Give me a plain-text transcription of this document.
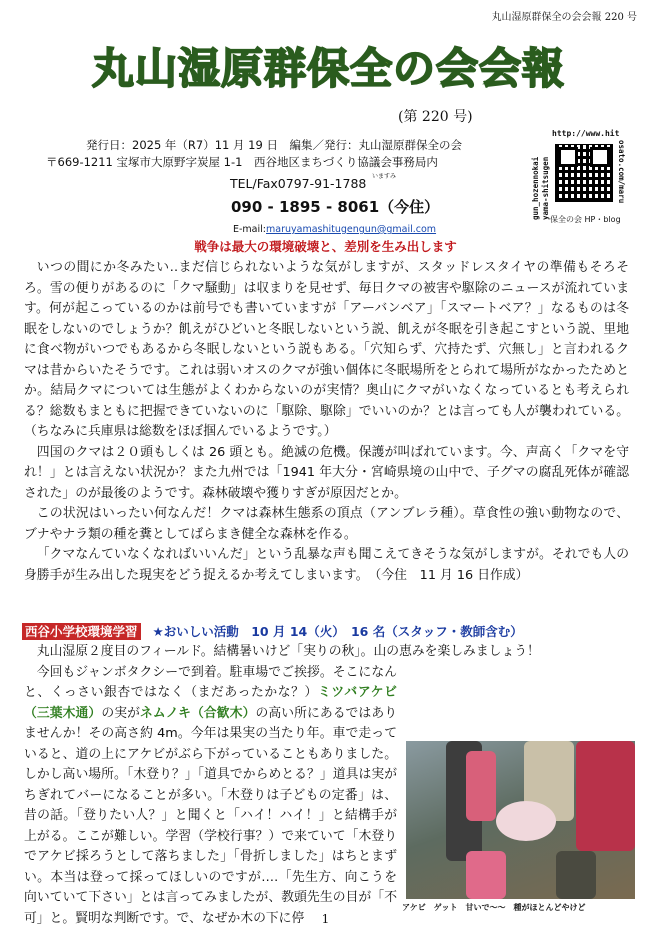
丸山湿原群保全の会会報 220 号
丸山湿原群保全の会会報
(第 220 号)
発行日：2025 年（R7）11 月 19 日　編集／発行：丸山湿原群保全の会
〒669-1211 宝塚市大原野字炭屋 1-1　西谷地区まちづくり協議会事務局内
TEL/Fax0797-91-1788 いますみ
090 - 1895 - 8061（今住）
E-mail:maruyamashitugengun@gmail.com
http://www.hit
osato.com/maru
yama-shitsugen
gun_hozennokai 保全の会 HP・blog
戦争は最大の環境破壊と、差別を生み出します

いつの間にか冬みたい‥まだ信じられないような気がしますが、スタッドレスタイヤの準備もそろそろ。雪の便りがあるのに「クマ騒動」は収まりを見せず、毎日クマの被害や駆除のニュースが流れています。何が起こっているのかは前号でも書いていますが「アーバンベア」「スマートベア？」なるものは冬眠をしないのでしょうか？飢えがひどいと冬眠しないという説、飢えが冬眠を引き起こすという説、里地に食べ物がいつでもあるから冬眠しないという説もある。「穴知らず、穴持たず、穴無し」と言われるクマは昔からいたそうです。これは弱いオスのクマが強い個体に冬眠場所をとられて場所がなかったためとか。結局クマについては生態がよくわからないのが実情？奥山にクマがいなくなっているとも考えられる？総数もまともに把握できていないのに「駆除、駆除」でいいのか？とは言っても人が襲われている。（ちなみに兵庫県は総数をほぼ掴んでいるようです。）

四国のクマは２０頭もしくは 26 頭とも。絶滅の危機。保護が叫ばれています。今、声高く「クマを守れ！」とは言えない状況か？また九州では「1941 年大分・宮崎県境の山中で、子グマの腐乱死体が確認された」のが最後のようです。森林破壊や獲りすぎが原因だとか。

この状況はいったい何なんだ！クマは森林生態系の頂点（アンブレラ種）。草食性の強い動物なので、ブナやナラ類の種を糞としてばらまき健全な森林を作る。

「クマなんていなくなればいいんだ」という乱暴な声も聞こえてきそうな気がしますが。それでも人の身勝手が生み出した現実をどう捉えるか考えてしまいます。　（今住　11 月 16 日作成）

西谷小学校環境学習 ★おいしい活動　10 月 14（火）　16 名（スタッフ・教師含む）
丸山湿原２度目のフィールド。結構暑いけど「実りの秋」。山の恵みを楽しみましょう！
今回もジャンボタクシーで到着。駐車場でご挨拶。そこになんと、くっさい銀杏ではなく（まだあったかな？）ミツバアケビ（三葉木通）の実がネムノキ（合歓木）の高い所にあるではありませんか！その高さ約 4m。今年は果実の当たり年。車で走っていると、道の上にアケビがぶら下がっていることもありました。しかし高い場所。「木登り？」「道具でからめとる？」道具は実がちぎれてバーになることが多い。「木登りは子どもの定番」は、昔の話。「登りたい人？」と聞くと「ハイ！ハイ！」と結構手が上がる。ここが難しい。学習（学校行事？）で来ていて「木登りでアケビ採ろうとして落ちました」「骨折しました」はちとまずい。本当は登って採ってほしいのですが‥‥「先生方、向こうを向いていて下さい」とは言ってみましたが、教頭先生の目が「不可」と。賢明な判断です。で、なぜか木の下に停
アケビ　ゲット　甘いで〜〜　種がほとんどやけど
1
